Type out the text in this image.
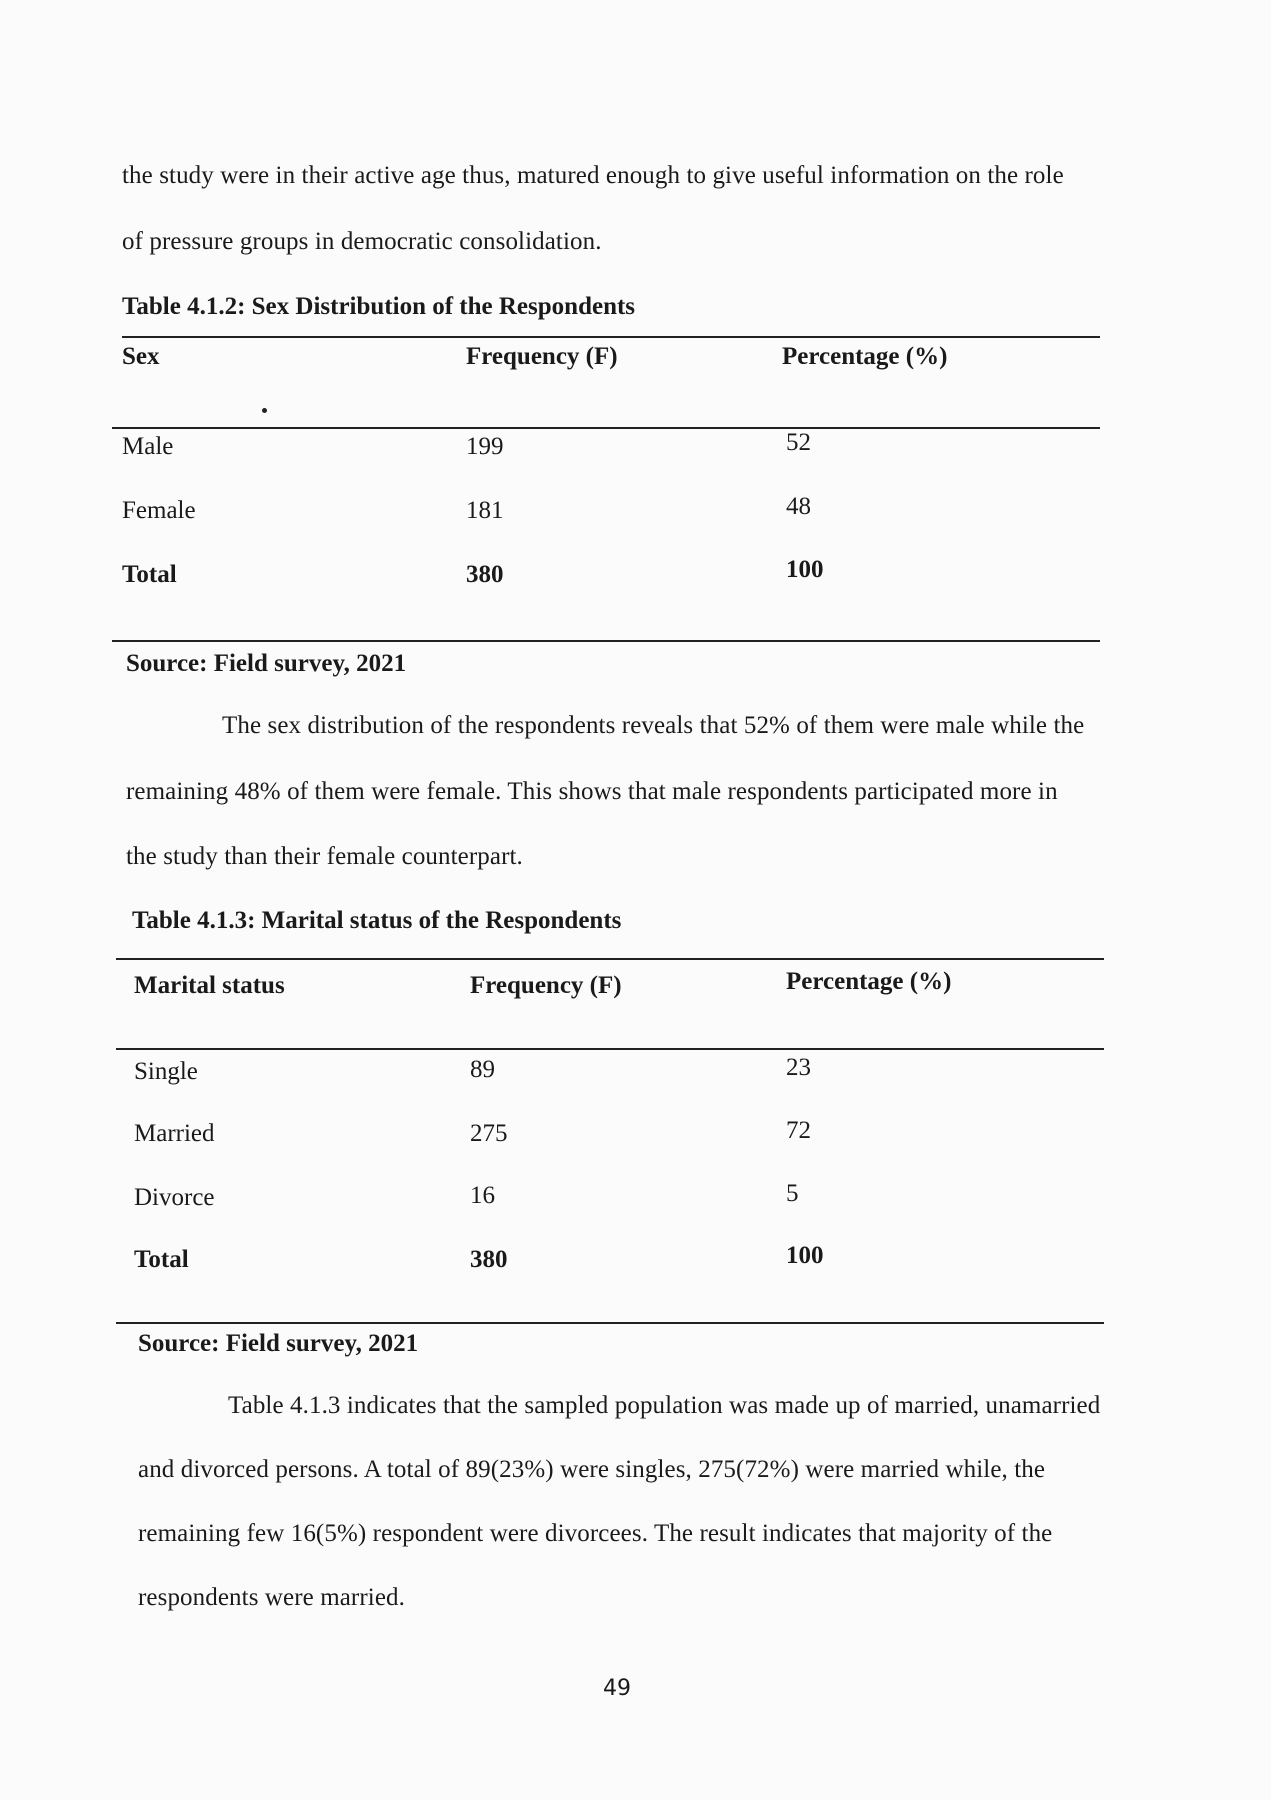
the study were in their active age thus, matured enough to give useful information on the role
of pressure groups in democratic consolidation.
Table 4.1.2: Sex Distribution of the Respondents
Sex	Frequency (F)	Percentage (%)
Male	199	52
Female	181	48
Total	380	100
Source: Field survey, 2021
The sex distribution of the respondents reveals that 52% of them were male while the
remaining 48% of them were female. This shows that male respondents participated more in
the study than their female counterpart.
Table 4.1.3: Marital status of the Respondents
Marital status	Frequency (F)	Percentage (%)
Single	89	23
Married	275	72
Divorce	16	5
Total	380	100
Source: Field survey, 2021
Table 4.1.3 indicates that the sampled population was made up of married, unamarried
and divorced persons. A total of 89(23%) were singles, 275(72%) were married while, the
remaining few 16(5%) respondent were divorcees. The result indicates that majority of the
respondents were married.
49
